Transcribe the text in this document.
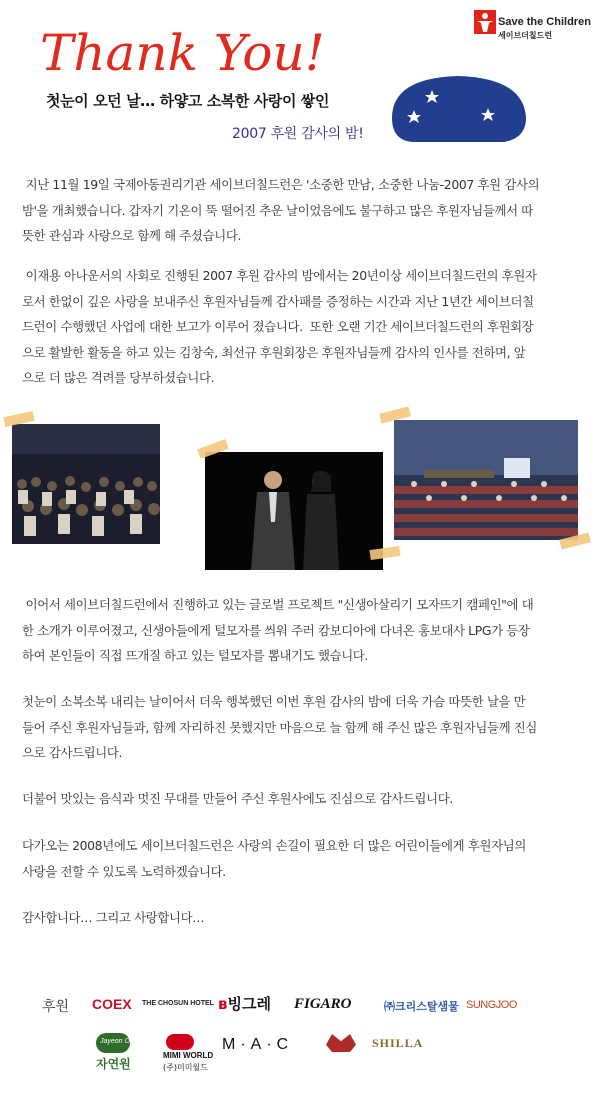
Thank You!
Save the Children
세이브더칠드런
첫눈이 오던 날… 하얗고 소복한 사랑이 쌓인
2007 후원 감사의 밤!
지난 11월 19일 국제아동권리기관 세이브더칠드런은 '소중한 만남, 소중한 나눔-2007 후원 감사의
밤'을 개최했습니다. 갑자기 기온이 뚝 떨어진 추운 날이었음에도 불구하고 많은 후원자님들께서 따
뜻한 관심과 사랑으로 함께 해 주셨습니다.
이재용 아나운서의 사회로 진행된 2007 후원 감사의 밤에서는 20년이상 세이브더칠드런의 후원자
로서 한없이 깊은 사랑을 보내주신 후원자님들께 감사패를 증정하는 시간과 지난 1년간 세이브더칠
드런이 수행했던 사업에 대한 보고가 이루어 졌습니다.  또한 오랜 기간 세이브더칠드런의 후원회장
으로 활발한 활동을 하고 있는 김창숙, 최선규 후원회장은 후원자님들께 감사의 인사를 전하며, 앞
으로 더 많은 격려를 당부하셨습니다.
이어서 세이브더칠드런에서 진행하고 있는 글로벌 프로젝트 "신생아살리기 모자뜨기 캠페인"에 대
한 소개가 이루어졌고, 신생아들에게 털모자를 씌워 주러 캄보디아에 다녀온 홍보대사 LPG가 등장
하여 본인들이 직접 뜨개질 하고 있는 털모자를 뽐내기도 했습니다.
첫눈이 소복소복 내리는 날이어서 더욱 행복했던 이번 후원 감사의 밤에 더욱 가슴 따뜻한 날을 만
들어 주신 후원자님들과, 함께 자리하진 못했지만 마음으로 늘 함께 해 주신 많은 후원자님들께 진심
으로 감사드립니다.
더불어 맛있는 음식과 멋진 무대를 만들어 주신 후원사에도 진심으로 감사드립니다.
다가오는 2008년에도 세이브더칠드런은 사랑의 손길이 필요한 더 많은 어린이들에게 후원자님의
사랑을 전할 수 있도록 노력하겠습니다.
감사합니다… 그리고 사랑합니다…
후원 COEX THE CHOSUN HOTEL ʙ빙그레 FIGARO	㈜크리스탈샘물 SUNGJOO
Jayeon One
자연원
MIMI WORLD
(주)미미월드
M·A·C	SHILLA
